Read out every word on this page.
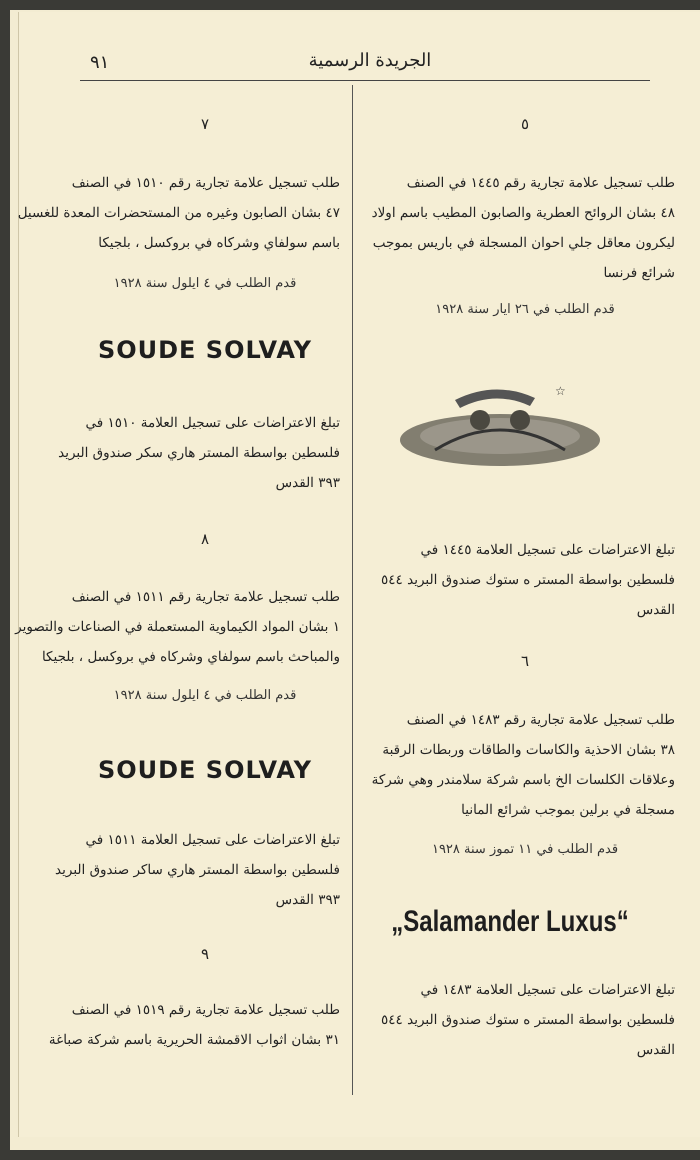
٩١	الجريدة الرسمية
٥
طلب تسجيل علامة تجارية رقم ١٤٤٥ في الصنف
٤٨ بشان الروائح العطرية والصابون المطيب باسم اولاد
ليكرون معاقل جلي احوان المسجلة في باريس بموجب
شرائع فرنسا
قدم الطلب في ٢٦ ايار سنة ١٩٢٨
☆
تبلغ الاعتراضات على تسجيل العلامة ١٤٤٥ في
فلسطين بواسطة المستر ه ستوك صندوق البريد ٥٤٤
القدس
٦
طلب تسجيل علامة تجارية رقم ١٤٨٣ في الصنف
٣٨ بشان الاحذية والكاسات والطاقات وربطات الرقبة
وعلاقات الكلسات الخ باسم شركة سلامندر وهي شركة
مسجلة في برلين بموجب شرائع المانيا
قدم الطلب في ١١ تموز سنة ١٩٢٨
„Salamander Luxus“
تبلغ الاعتراضات على تسجيل العلامة ١٤٨٣ في
فلسطين بواسطة المستر ه ستوك صندوق البريد ٥٤٤
القدس
٧
طلب تسجيل علامة تجارية رقم ١٥١٠ في الصنف
٤٧ بشان الصابون وغيره من المستحضرات المعدة للغسيل
باسم سولفاي وشركاه في بروكسل ، بلجيكا
قدم الطلب في ٤ ايلول سنة ١٩٢٨
SOUDE SOLVAY
تبلغ الاعتراضات على تسجيل العلامة ١٥١٠ في
فلسطين بواسطة المستر هاري سكر صندوق البريد
٣٩٣ القدس
٨
طلب تسجيل علامة تجارية رقم ١٥١١ في الصنف
١ بشان المواد الكيماوية المستعملة في الصناعات والتصوير
والمباحث باسم سولفاي وشركاه في بروكسل ، بلجيكا
قدم الطلب في ٤ ايلول سنة ١٩٢٨
SOUDE SOLVAY
تبلغ الاعتراضات على تسجيل العلامة ١٥١١ في
فلسطين بواسطة المستر هاري ساكر صندوق البريد
٣٩٣ القدس
٩
طلب تسجيل علامة تجارية رقم ١٥١٩ في الصنف
٣١ بشان اثواب الاقمشة الحريرية باسم شركة صباغة
